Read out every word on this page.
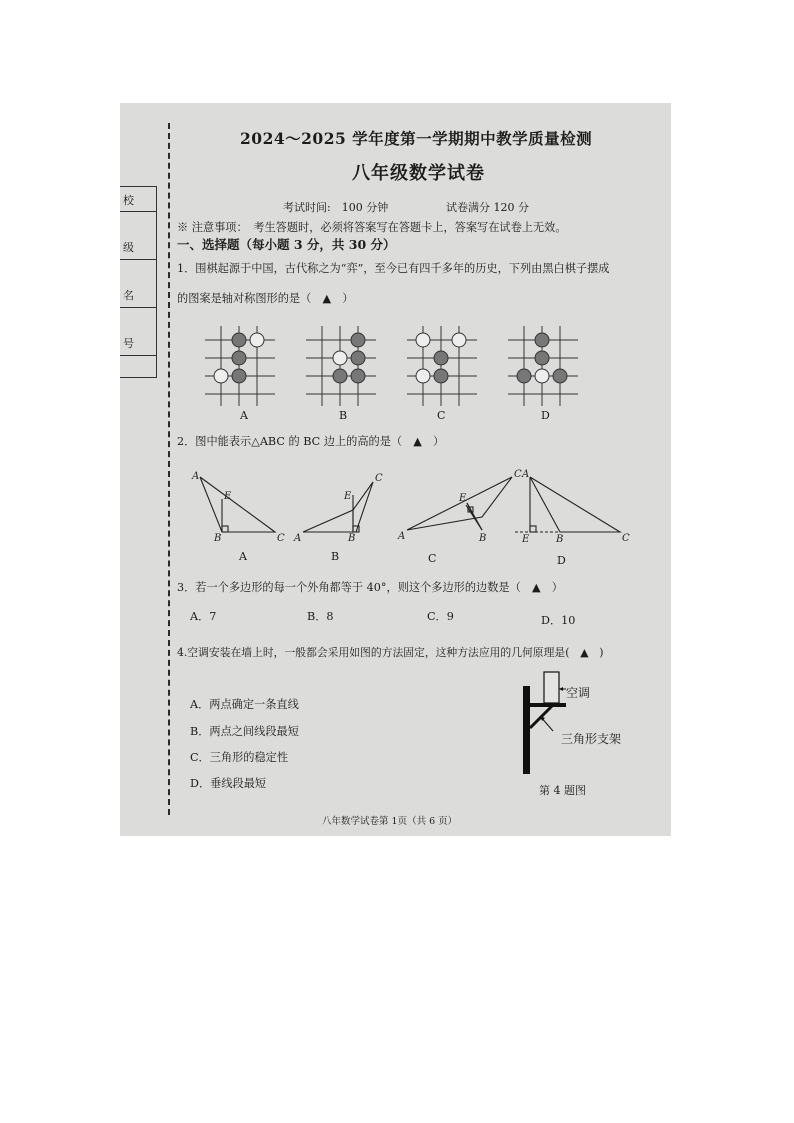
校
级
名
号
2024～2025 学年度第一学期期中教学质量检测
八年级数学试卷
考试时间:　100 分钟	试卷满分 120 分
※ 注意事项：　考生答题时，必须将答案写在答题卡上，答案写在试卷上无效。
一、选择题（每小题 3 分，共 30 分）
1．围棋起源于中国，古代称之为“弈”，至今已有四千多年的历史，下列由黑白棋子摆成
的图案是轴对称图形的是（　▲　）
A	B	C	D
2．图中能表示△ABC 的 BC 边上的高的是（　▲　）
A
E
B	C A
E
B
C
A
E
B
C A
E	B	C
A	B	C	D
3．若一个多边形的每一个外角都等于 40°，则这个多边形的边数是（　▲　）
A．7	B．8	C．9	D．10
4.空调安装在墙上时，一般都会采用如图的方法固定，这种方法应用的几何原理是(　▲　)
A．两点确定一条直线
B．两点之间线段最短
C．三角形的稳定性
D．垂线段最短
空调
三角形支架
第 4 题图
八年数学试卷第 1页（共 6 页）
